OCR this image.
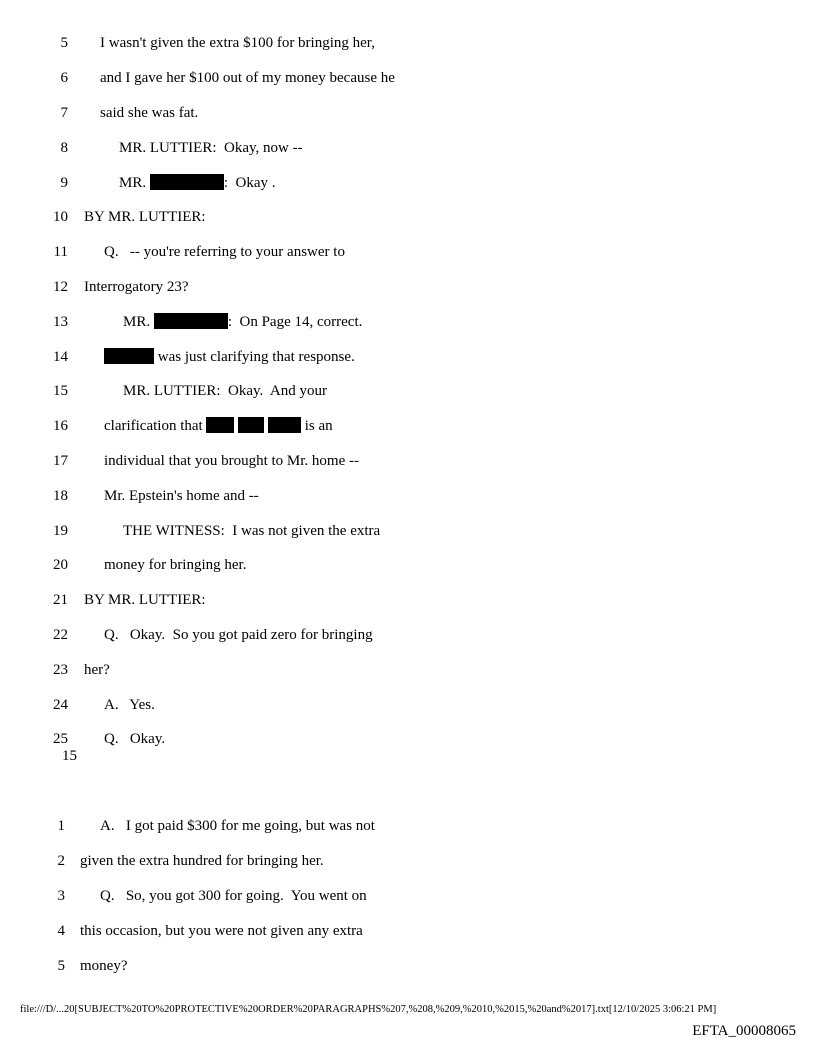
5

I wasn't given the extra $100 for bringing her,

6

and I gave her $100 out of my money because he

7

said she was fat.

8

	MR. LUTTIER:  Okay, now --

9

	MR.	:  Okay .

10

BY MR. LUTTIER:

11

Q.   -- you're referring to your answer to

12

Interrogatory 23?

13

	MR.	:  On Page 14, correct.

14

	was just clarifying that response.

15

	MR. LUTTIER:  Okay.  And your

16

clarification that	is an

17

individual that you brought to Mr. home --

18

Mr. Epstein's home and --

19

	THE WITNESS:  I was not given the extra

20

money for bringing her.

21

BY MR. LUTTIER:

22

Q.   Okay.  So you got paid zero for bringing

23

her?

24

A.   Yes.

25

Q.   Okay.

15

1

A.   I got paid $300 for me going, but was not

2

given the extra hundred for bringing her.

3

Q.   So, you got 300 for going.  You went on

4

this occasion, but you were not given any extra

5

money?

file:///D/...20[SUBJECT%20TO%20PROTECTIVE%20ORDER%20PARAGRAPHS%207,%208,%209,%2010,%2015,%20and%2017].txt[12/10/2025 3:06:21 PM]
EFTA_00008065
